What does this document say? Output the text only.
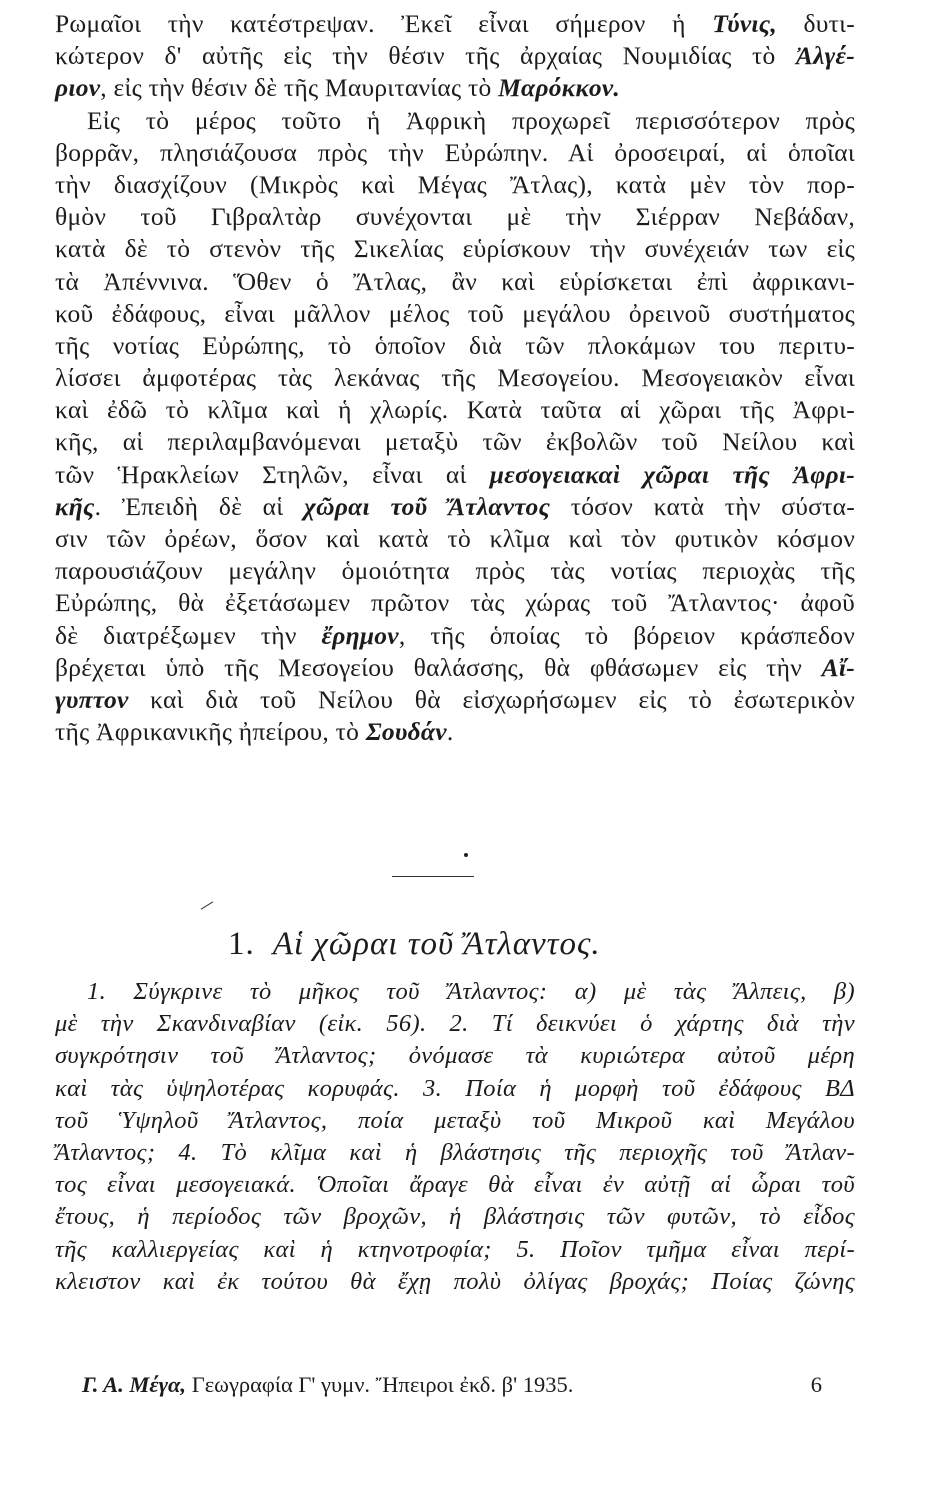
Ρωμαῖοι τὴν κατέστρεψαν. Ἐκεῖ εἶναι σήμερον ἡ Τύνις, δυτι-
κώτερον δ' αὐτῆς εἰς τὴν θέσιν τῆς ἀρχαίας Νουμιδίας τὸ Ἀλγέ-
ριον, εἰς τὴν θέσιν δὲ τῆς Μαυριτανίας τὸ Μαρόκκον.
Εἰς τὸ μέρος τοῦτο ἡ Ἀφρικὴ προχωρεῖ περισσότερον πρὸς
βορρᾶν, πλησιάζουσα πρὸς τὴν Εὐρώπην. Αἱ ὀροσειραί, αἱ ὁποῖαι
τὴν διασχίζουν (Μικρὸς καὶ Μέγας Ἄτλας), κατὰ μὲν τὸν πορ-
θμὸν τοῦ Γιβραλτὰρ συνέχονται μὲ τὴν Σιέρραν Νεβάδαν,
κατὰ δὲ τὸ στενὸν τῆς Σικελίας εὑρίσκουν τὴν συνέχειάν των εἰς
τὰ Ἀπέννινα. Ὅθεν ὁ Ἄτλας, ἂν καὶ εὑρίσκεται ἐπὶ ἀφρικανι-
κοῦ ἐδάφους, εἶναι μᾶλλον μέλος τοῦ μεγάλου ὀρεινοῦ συστήματος
τῆς νοτίας Εὐρώπης, τὸ ὁποῖον διὰ τῶν πλοκάμων του περιτυ-
λίσσει ἀμφοτέρας τὰς λεκάνας τῆς Μεσογείου. Μεσογειακὸν εἶναι
καὶ ἐδῶ τὸ κλῖμα καὶ ἡ χλωρίς. Κατὰ ταῦτα αἱ χῶραι τῆς Ἀφρι-
κῆς, αἱ περιλαμβανόμεναι μεταξὺ τῶν ἐκβολῶν τοῦ Νείλου καὶ
τῶν Ἡρακλείων Στηλῶν, εἶναι αἱ μεσογειακαὶ χῶραι τῆς Ἀφρι-
κῆς. Ἐπειδὴ δὲ αἱ χῶραι τοῦ Ἄτλαντος τόσον κατὰ τὴν σύστα-
σιν τῶν ὀρέων, ὅσον καὶ κατὰ τὸ κλῖμα καὶ τὸν φυτικὸν κόσμον
παρουσιάζουν μεγάλην ὁμοιότητα πρὸς τὰς νοτίας περιοχὰς τῆς
Εὐρώπης, θὰ ἐξετάσωμεν πρῶτον τὰς χώρας τοῦ Ἄτλαντος· ἀφοῦ
δὲ διατρέξωμεν τὴν ἔρημον, τῆς ὁποίας τὸ βόρειον κράσπεδον
βρέχεται ὑπὸ τῆς Μεσογείου θαλάσσης, θὰ φθάσωμεν εἰς τὴν Αἴ-
γυπτον καὶ διὰ τοῦ Νείλου θὰ εἰσχωρήσωμεν εἰς τὸ ἐσωτερικὸν
τῆς Ἀφρικανικῆς ἠπείρου, τὸ Σουδάν.
1. Αἱ χῶραι τοῦ Ἄτλαντος.
1. Σύγκρινε τὸ μῆκος τοῦ Ἄτλαντος: α) μὲ τὰς Ἄλπεις, β)
μὲ τὴν Σκανδιναβίαν (εἰκ. 56). 2. Τί δεικνύει ὁ χάρτης διὰ τὴν
συγκρότησιν τοῦ Ἄτλαντος; ὀνόμασε τὰ κυριώτερα αὐτοῦ μέρη
καὶ τὰς ὑψηλοτέρας κορυφάς. 3. Ποία ἡ μορφὴ τοῦ ἐδάφους ΒΔ
τοῦ Ὑψηλοῦ Ἄτλαντος, ποία μεταξὺ τοῦ Μικροῦ καὶ Μεγάλου
Ἄτλαντος; 4. Τὸ κλῖμα καὶ ἡ βλάστησις τῆς περιοχῆς τοῦ Ἄτλαν-
τος εἶναι μεσογειακά. Ὁποῖαι ἄραγε θὰ εἶναι ἐν αὐτῇ αἱ ὧραι τοῦ
ἔτους, ἡ περίοδος τῶν βροχῶν, ἡ βλάστησις τῶν φυτῶν, τὸ εἶδος
τῆς καλλιεργείας καὶ ἡ κτηνοτροφία; 5. Ποῖον τμῆμα εἶναι περί-
κλειστον καὶ ἐκ τούτου θὰ ἔχῃ πολὺ ὀλίγας βροχάς; Ποίας ζώνης
Γ. Α. Μέγα, Γεωγραφία Γ' γυμν. Ἤπειροι ἐκδ. β' 1935.	6
